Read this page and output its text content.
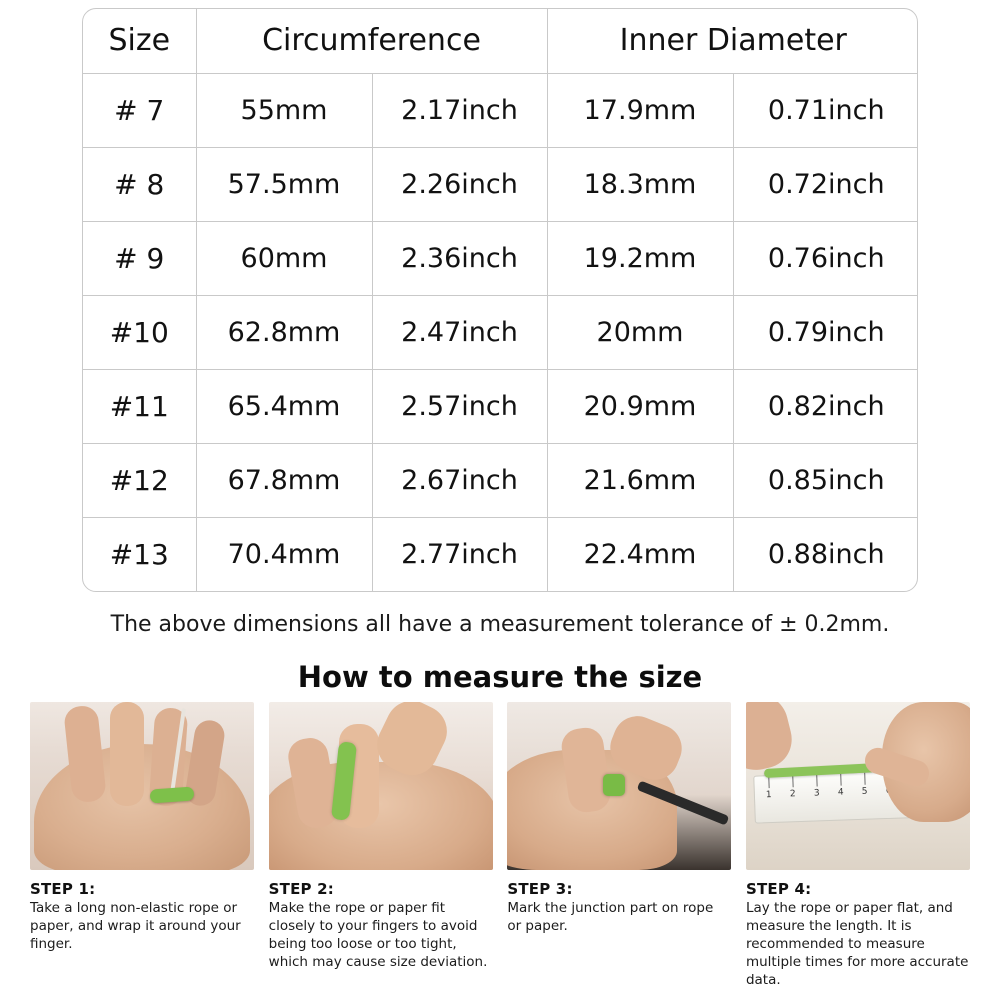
Size	Circumference		Inner Diameter	
# 7	55mm	2.17inch	17.9mm	0.71inch
# 8	57.5mm	2.26inch	18.3mm	0.72inch
# 9	60mm	2.36inch	19.2mm	0.76inch
#10	62.8mm	2.47inch	20mm	0.79inch
#11	65.4mm	2.57inch	20.9mm	0.82inch
#12	67.8mm	2.67inch	21.6mm	0.85inch
#13	70.4mm	2.77inch	22.4mm	0.88inch
The above dimensions all have a measurement tolerance of ± 0.2mm.
How to measure the size
STEP 1:
Take a long non-elastic rope or paper, and wrap it around your finger.
STEP 2:
Make the rope or paper fit closely to your fingers to avoid being too loose or too tight, which may cause size deviation.
STEP 3:
Mark the junction part on rope or paper.
1 2 3 4 5
STEP 4:
Lay the rope or paper flat, and measure the length. It is recommended to measure multiple times for more accurate data.
